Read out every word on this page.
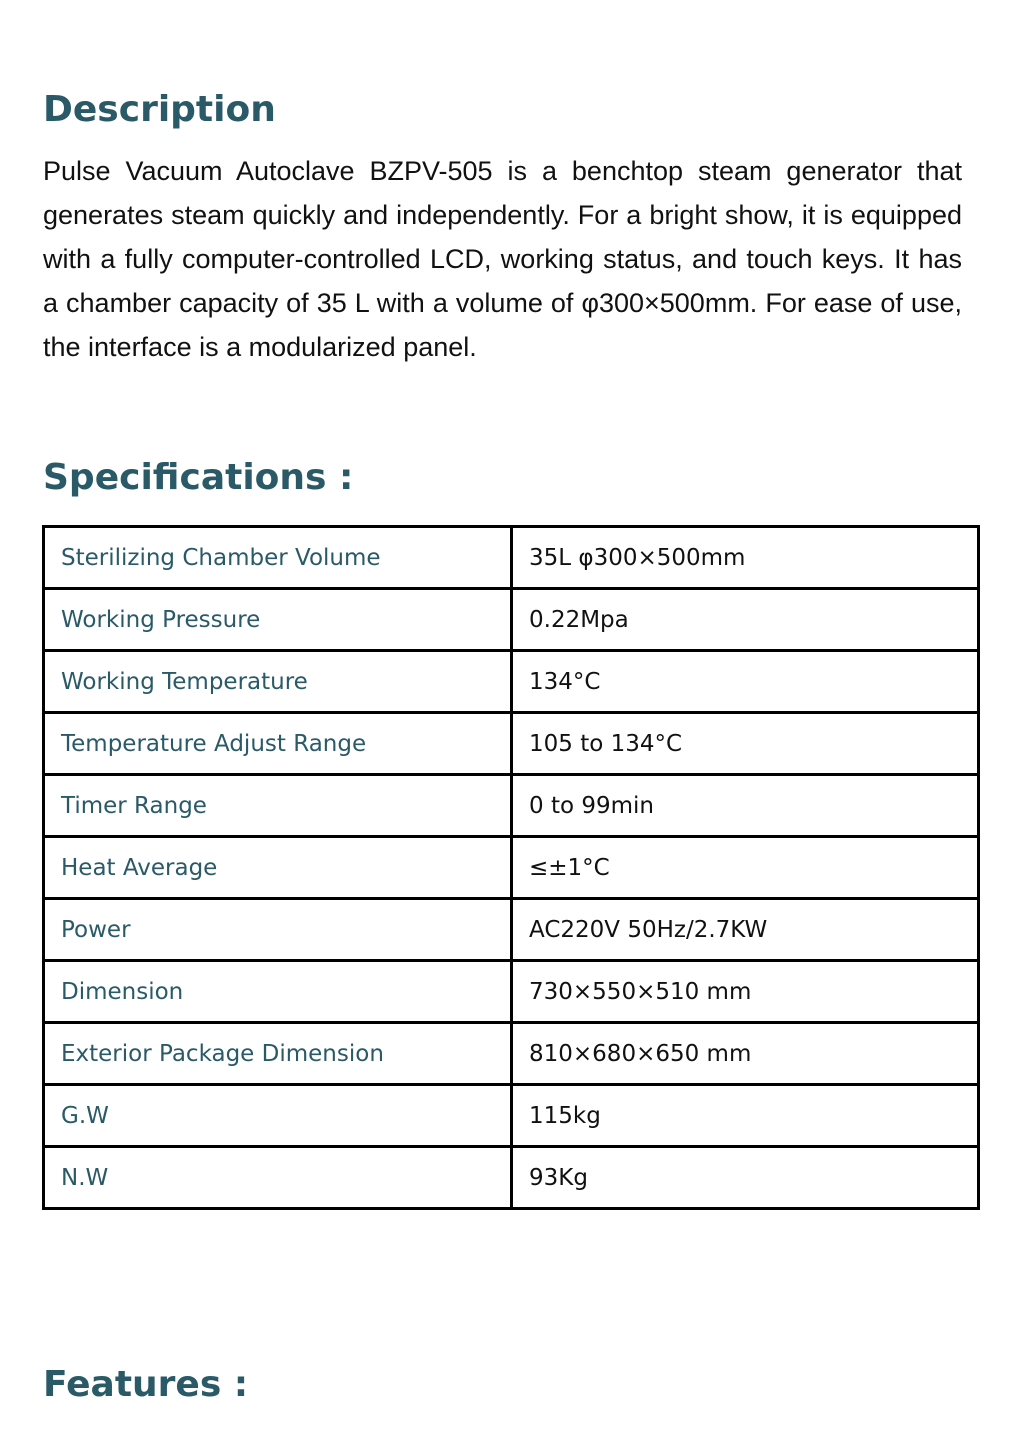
Description

Pulse Vacuum Autoclave BZPV-505 is a benchtop steam generator that generates steam quickly and independently. For a bright show, it is equipped with a fully computer-controlled LCD, working status, and touch keys. It has a chamber capacity of 35 L with a volume of φ300×500mm. For ease of use, the interface is a modularized panel.

Specifications :
Sterilizing Chamber Volume	35L φ300×500mm
Working Pressure	0.22Mpa
Working Temperature	134°C
Temperature Adjust Range	105 to 134°C
Timer Range	0 to 99min
Heat Average	≤±1°C
Power	AC220V 50Hz/2.7KW
Dimension	730×550×510 mm
Exterior Package Dimension	810×680×650 mm
G.W	115kg
N.W	93Kg
Features :
